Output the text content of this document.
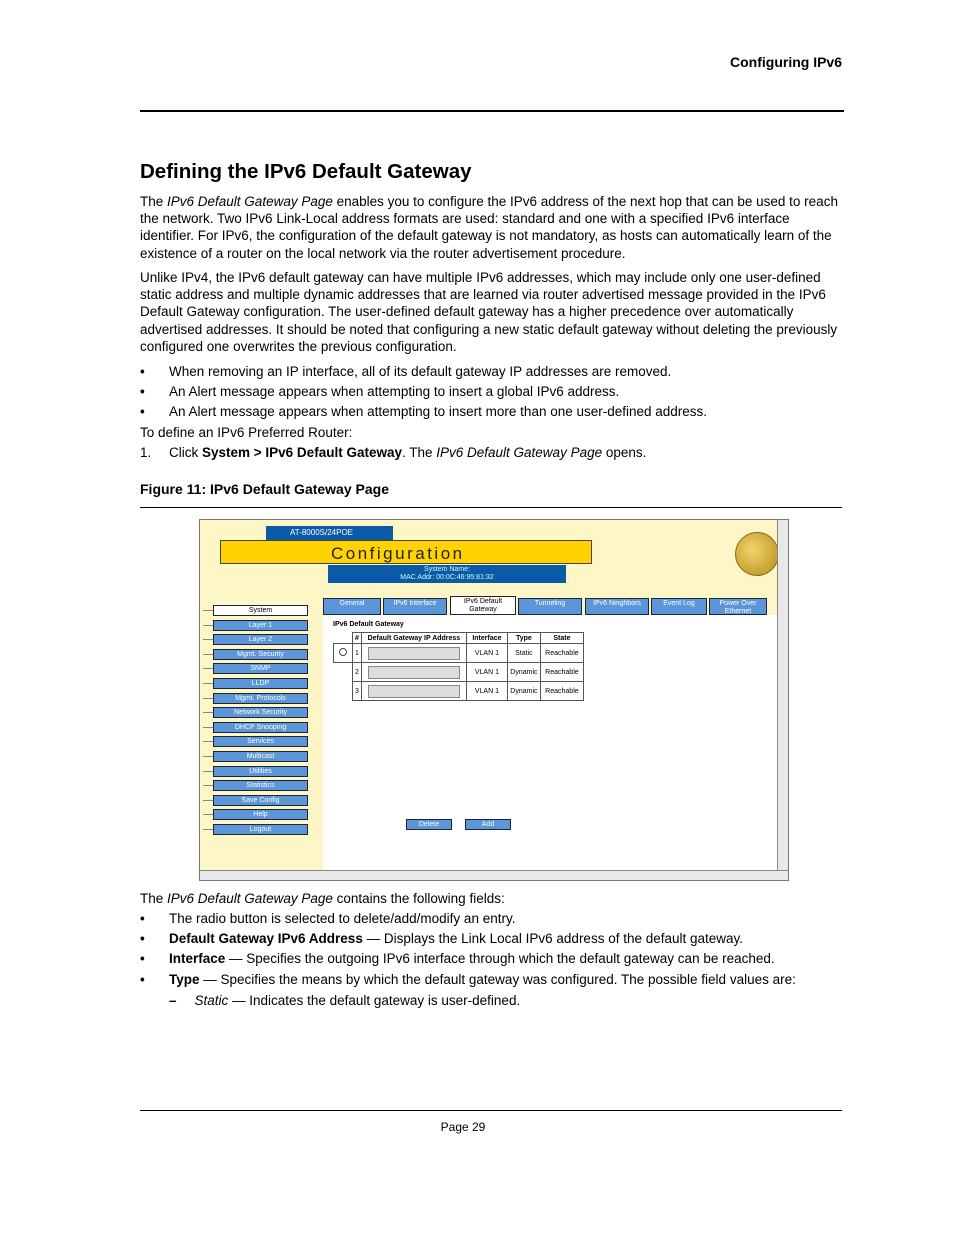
Configuring IPv6
Defining the IPv6 Default Gateway

The IPv6 Default Gateway Page enables you to configure the IPv6 address of the next hop that can be used to reach the network. Two IPv6 Link-Local address formats are used: standard and one with a specified IPv6 interface identifier. For IPv6, the configuration of the default gateway is not mandatory, as hosts can automatically learn of the existence of a router on the local network via the router advertisement procedure.

Unlike IPv4, the IPv6 default gateway can have multiple IPv6 addresses, which may include only one user-defined static address and multiple dynamic addresses that are learned via router advertised message provided in the IPv6 Default Gateway configuration. The user-defined default gateway has a higher precedence over automatically advertised addresses. It should be noted that configuring a new static default gateway without deleting the previously configured one overwrites the previous configuration.

• When removing an IP interface, all of its default gateway IP addresses are removed.
• An Alert message appears when attempting to insert a global IPv6 address.
• An Alert message appears when attempting to insert more than one user-defined address.
To define an IPv6 Preferred Router:
1. Click System > IPv6 Default Gateway. The IPv6 Default Gateway Page opens.
Figure 11: IPv6 Default Gateway Page
AT-8000S/24POE
Configuration
System Name:
MAC Addr: 00:0C:46:95:81:32
IPv6 Default Gateway
	#	Default Gateway IP Address	Interface	Type	State
	1		VLAN 1	Static	Reachable
	2		VLAN 1	Dynamic	Reachable
	3		VLAN 1	Dynamic	Reachable
Delete	Add
System
Layer 1
Layer 2
Mgmt. Security
SNMP
LLDP
Mgmt. Protocols
Network Security
DHCP Snooping
Services
Multicast
Utilities
Statistics
Save Config
Help
Logout
General	IPv6 Interface	IPv6 Default Gateway
Tunneling	IPv6 Neighbors	Event Log	Power Over Ethernet
The IPv6 Default Gateway Page contains the following fields:
• The radio button is selected to delete/add/modify an entry.
• Default Gateway IPv6 Address — Displays the Link Local IPv6 address of the default gateway.
• Interface — Specifies the outgoing IPv6 interface through which the default gateway can be reached.
• Type — Specifies the means by which the default gateway was configured. The possible field values are:
– Static — Indicates the default gateway is user-defined.
Page 29
